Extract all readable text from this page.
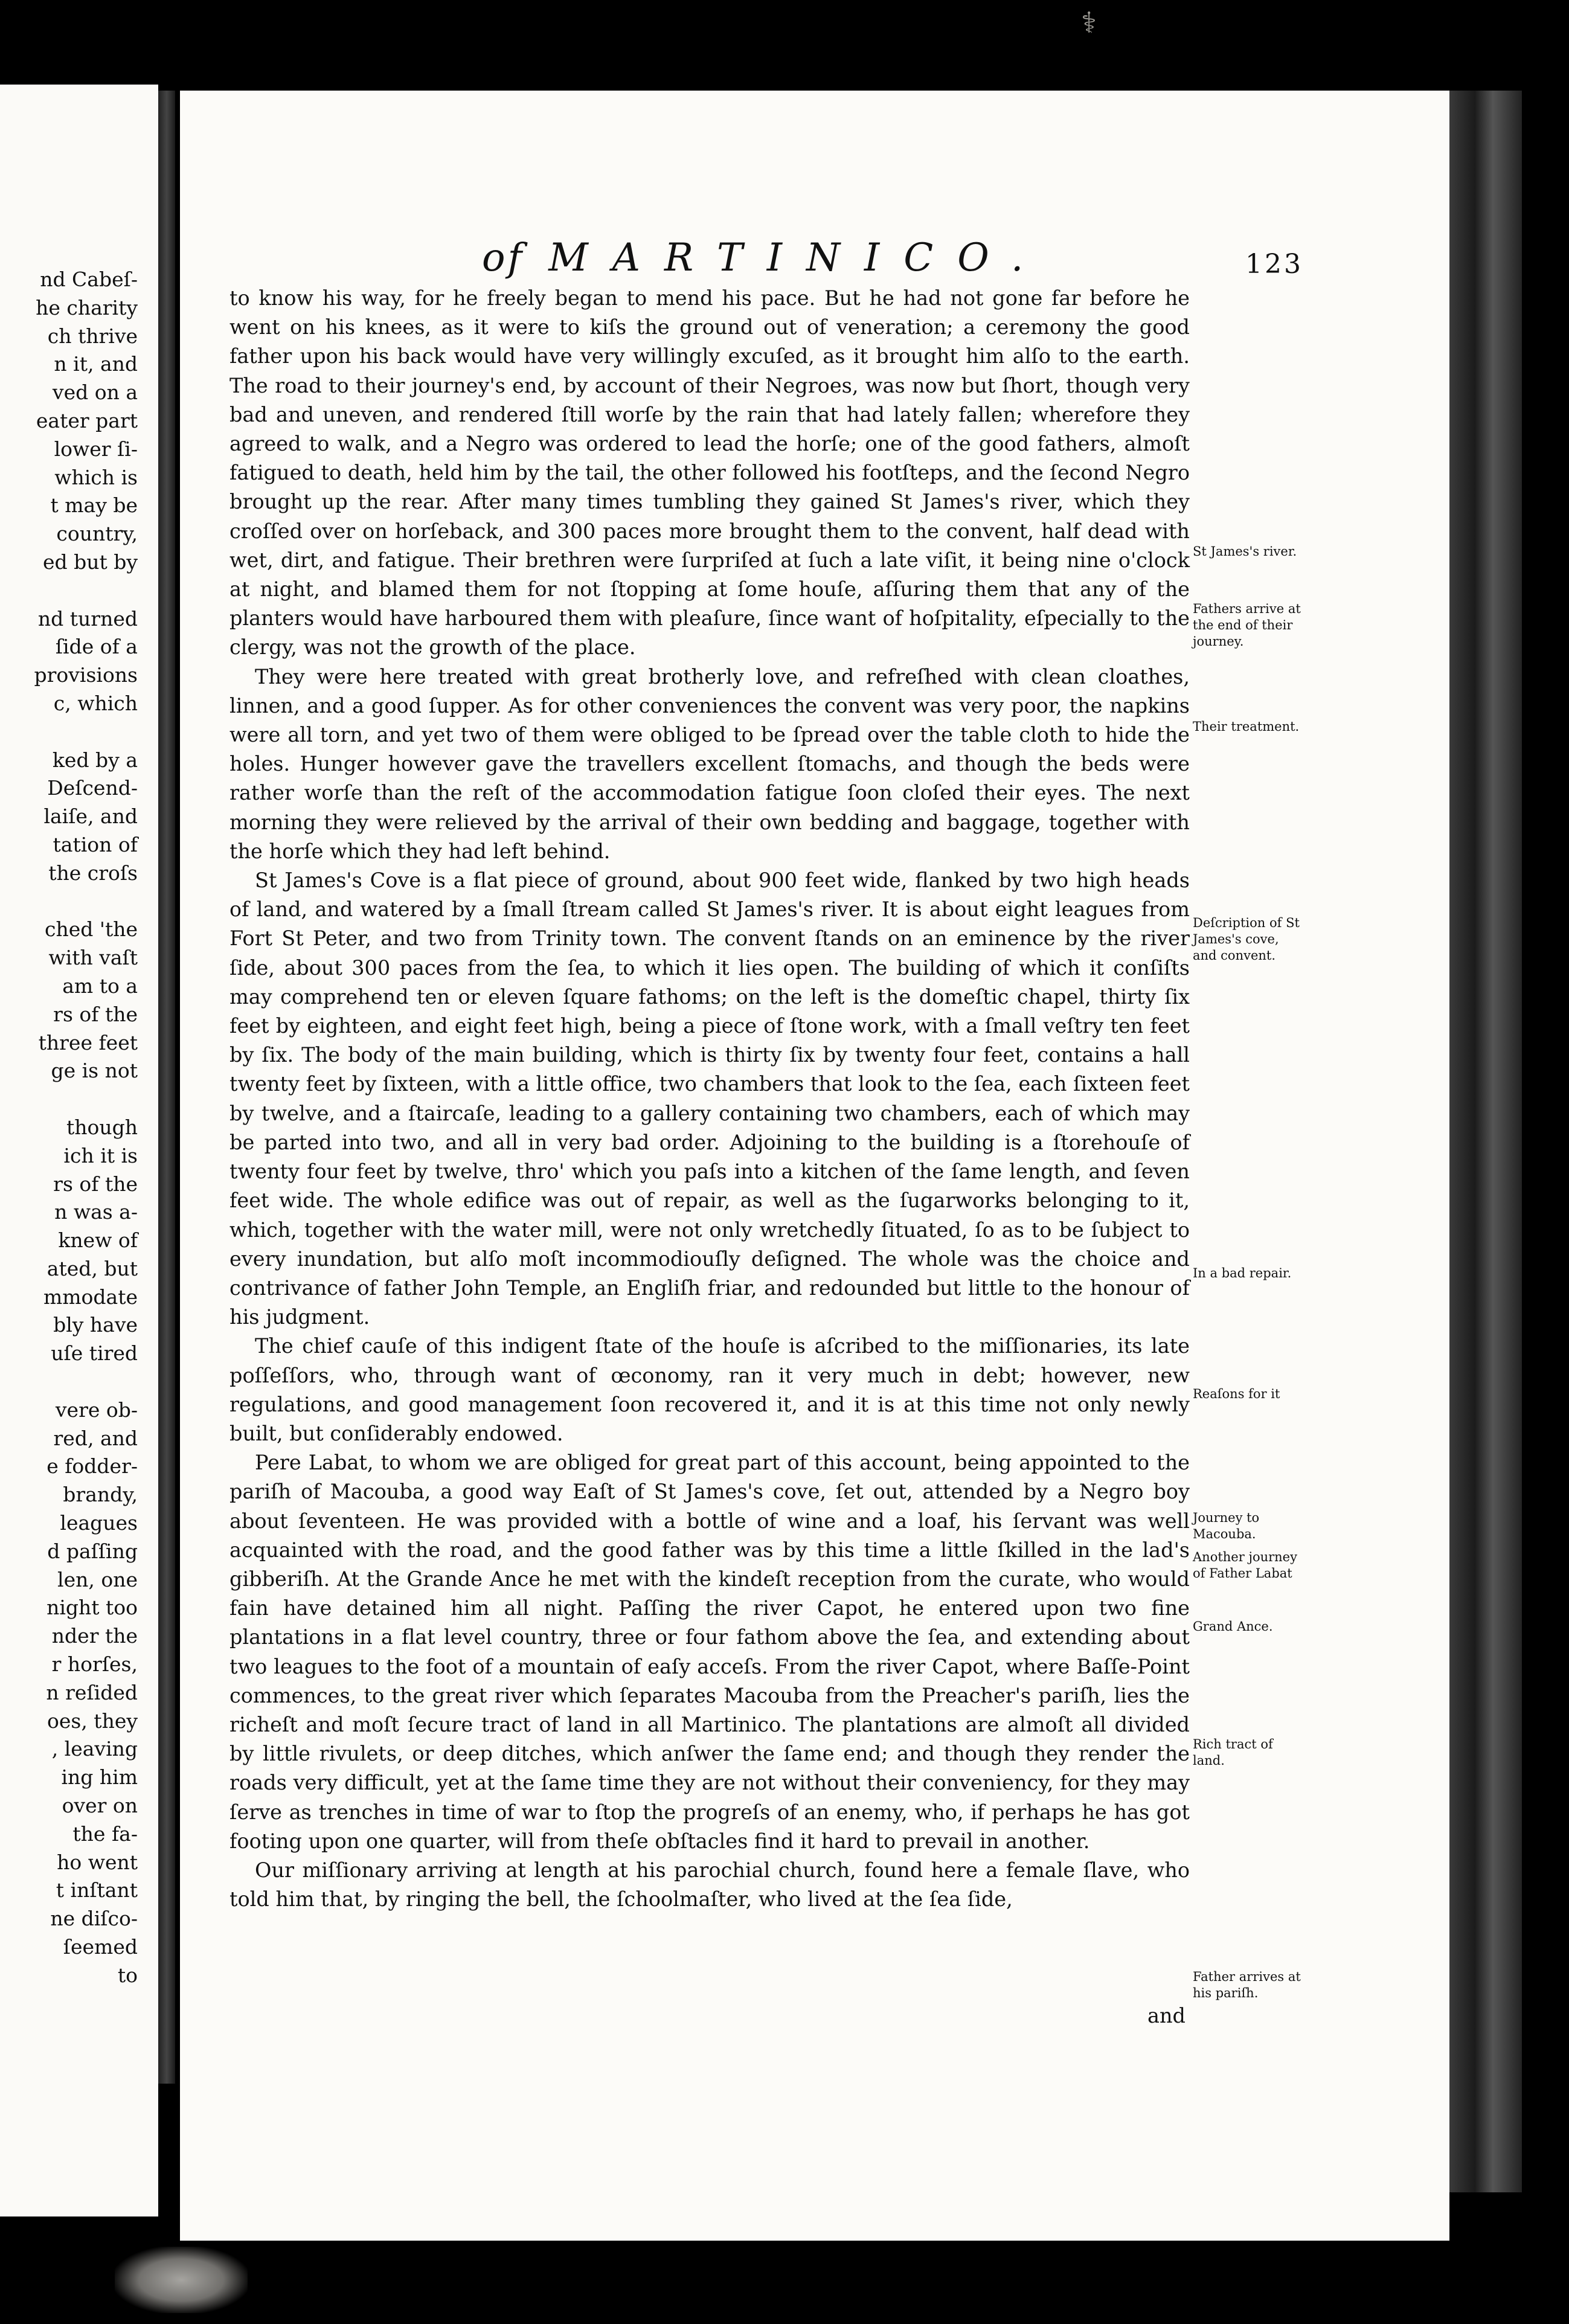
⚕
nd Cabeſ-
he charity
ch thrive
n it, and
ved on a
eater part
lower ſi-
which is
t may be
country,
ed but by
nd turned
ſide of a
provisions
c, which
ked by a
Deſcend-
laiſe, and
tation of
the croſs
ched 'the
with vaſt
am to a
rs of the
three feet
ge is not
though
ich it is
rs of the
n was a-
knew of
ated, but
mmodate
bly have
uſe tired
vere ob-
red, and
e fodder-
brandy,
leagues
d paſſing
len, one
night too
nder the
r horſes,
n reſided
oes, they
, leaving
ing him
over on
the fa-
ho went
t inſtant
ne diſco-
ſeemed
to
of MARTINICO.	123

to know his way, for he freely began to mend his pace. But he had not gone far before he went on his knees, as it were to kiſs the ground out of veneration; a ceremony the good father upon his back would have very willingly excuſed, as it brought him alſo to the earth. The road to their journey's end, by account of their Negroes, was now but ſhort, though very bad and uneven, and rendered ſtill worſe by the rain that had lately fallen; wherefore they agreed to walk, and a Negro was ordered to lead the horſe; one of the good fathers, almoſt fatigued to death, held him by the tail, the other followed his footſteps, and the ſecond Negro brought up the rear. After many times tumbling they gained St James's river, which they croſſed over on horſeback, and 300 paces more brought them to the convent, half dead with wet, dirt, and fatigue. Their brethren were ſurpriſed at ſuch a late viſit, it being nine o'clock at night, and blamed them for not ſtopping at ſome houſe, aſſuring them that any of the planters would have harboured them with pleaſure, ſince want of hoſpitality, eſpecially to the clergy, was not the growth of the place.

They were here treated with great brotherly love, and refreſhed with clean cloathes, linnen, and a good ſupper. As for other conveniences the convent was very poor, the napkins were all torn, and yet two of them were obliged to be ſpread over the table cloth to hide the holes. Hunger however gave the travellers excellent ſtomachs, and though the beds were rather worſe than the reſt of the accommodation fatigue ſoon cloſed their eyes. The next morning they were relieved by the arrival of their own bedding and baggage, together with the horſe which they had left behind.

St James's Cove is a flat piece of ground, about 900 feet wide, flanked by two high heads of land, and watered by a ſmall ſtream called St James's river. It is about eight leagues from Fort St Peter, and two from Trinity town. The convent ſtands on an eminence by the river ſide, about 300 paces from the ſea, to which it lies open. The building of which it conſiſts may comprehend ten or eleven ſquare fathoms; on the left is the domeſtic chapel, thirty ſix feet by eighteen, and eight feet high, being a piece of ſtone work, with a ſmall veſtry ten feet by ſix. The body of the main building, which is thirty ſix by twenty four feet, contains a hall twenty feet by ſixteen, with a little office, two chambers that look to the ſea, each ſixteen feet by twelve, and a ſtaircaſe, leading to a gallery containing two chambers, each of which may be parted into two, and all in very bad order. Adjoining to the building is a ſtorehouſe of twenty four feet by twelve, thro' which you paſs into a kitchen of the ſame length, and ſeven feet wide. The whole edifice was out of repair, as well as the ſugarworks belonging to it, which, together with the water mill, were not only wretchedly ſituated, ſo as to be ſubject to every inundation, but alſo moſt incommodiouſly deſigned. The whole was the choice and contrivance of father John Temple, an Engliſh friar, and redounded but little to the honour of his judgment.

The chief cauſe of this indigent ſtate of the houſe is aſcribed to the miſſionaries, its late poſſeſſors, who, through want of œconomy, ran it very much in debt; however, new regulations, and good management ſoon recovered it, and it is at this time not only newly built, but conſiderably endowed.

Pere Labat, to whom we are obliged for great part of this account, being appointed to the pariſh of Macouba, a good way Eaſt of St James's cove, ſet out, attended by a Negro boy about ſeventeen. He was provided with a bottle of wine and a loaf, his ſervant was well acquainted with the road, and the good father was by this time a little ſkilled in the lad's gibberiſh. At the Grande Ance he met with the kindeſt reception from the curate, who would fain have detained him all night. Paſſing the river Capot, he entered upon two fine plantations in a flat level country, three or four fathom above the ſea, and extending about two leagues to the foot of a mountain of eaſy acceſs. From the river Capot, where Baſſe-Point commences, to the great river which ſeparates Macouba from the Preacher's pariſh, lies the richeſt and moſt ſecure tract of land in all Martinico. The plantations are almoſt all divided by little rivulets, or deep ditches, which anſwer the ſame end; and though they render the roads very difficult, yet at the ſame time they are not without their conveniency, for they may ſerve as trenches in time of war to ſtop the progreſs of an enemy, who, if perhaps he has got footing upon one quarter, will from theſe obſtacles find it hard to prevail in another.

Our miſſionary arriving at length at his parochial church, found here a female ſlave, who told him that, by ringing the bell, the ſchoolmaſter, who lived at the ſea ſide,

and
St James's river.
Fathers arrive at the end of their journey.
Their treatment.
Deſcription of St James's cove, and convent.
In a bad repair.
Reaſons for it
Journey to Macouba.
Another journey of Father Labat
Grand Ance.
Rich tract of land.
Father arrives at his pariſh.
